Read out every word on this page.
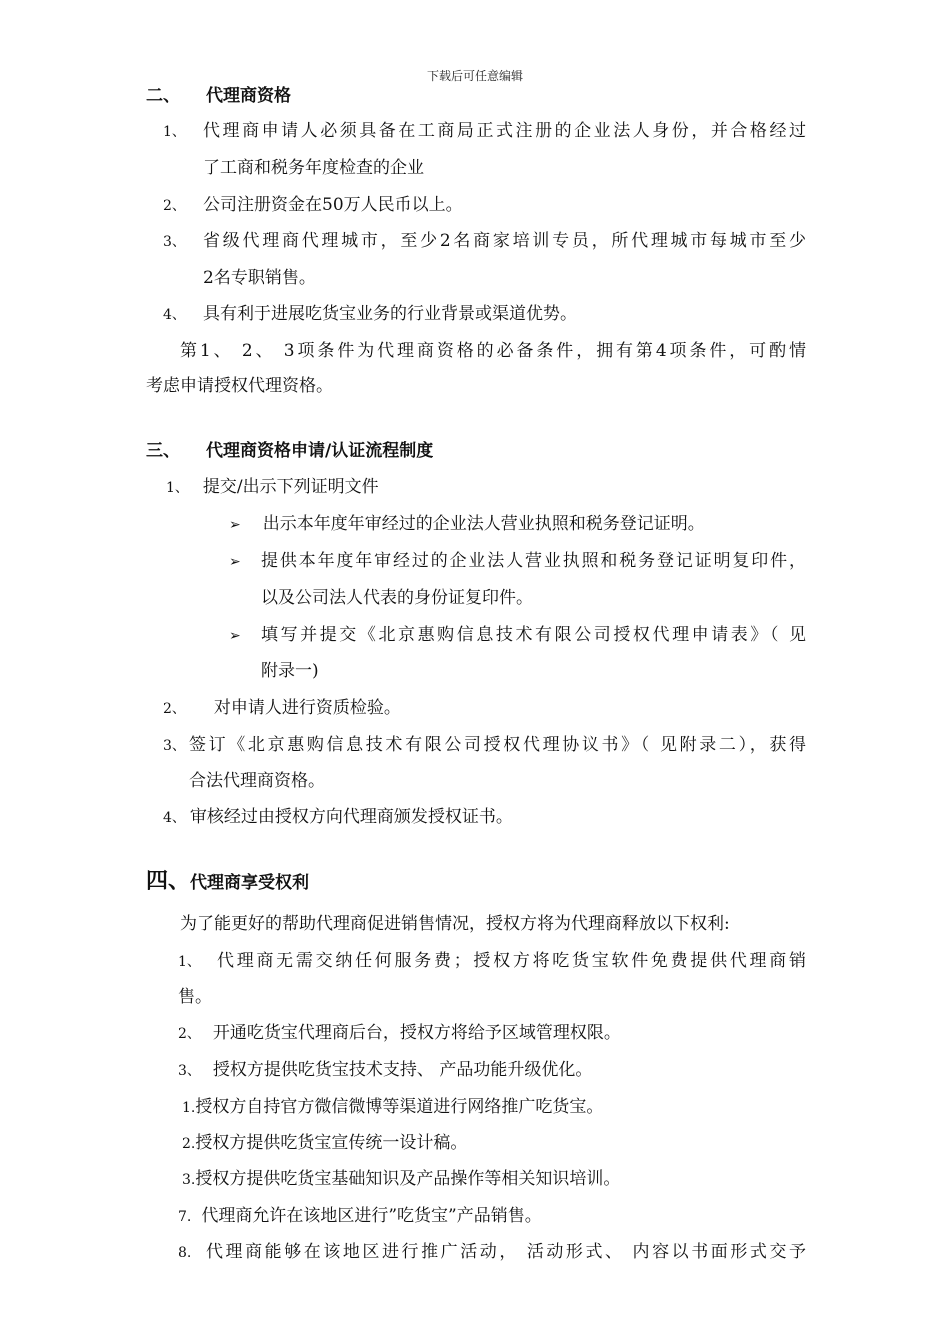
下载后可任意编辑
二、 代理商资格
1、 代理商申请人必须具备在工商局正式注册的企业法人身份，并合格经过
了工商和税务年度检查的企业
2、 公司注册资金在50万人民币以上。
3、 省级代理商代理城市，至少2名商家培训专员，所代理城市每城市至少
2名专职销售。
4、 具有利于进展吃货宝业务的行业背景或渠道优势。
第1、 2、 3项条件为代理商资格的必备条件，拥有第4项条件，可酌情
考虑申请授权代理资格。
三、 代理商资格申请/认证流程制度
1、 提交/出示下列证明文件
➢ 出示本年度年审经过的企业法人营业执照和税务登记证明。
➢	提供本年度年审经过的企业法人营业执照和税务登记证明复印件，
以及公司法人代表的身份证复印件。
➢	填写并提交《北京惠购信息技术有限公司授权代理申请表》（ 见
附录一)
2、 对申请人进行资质检验。
3、 签订《北京惠购信息技术有限公司授权代理协议书》（ 见附录二），获得
合法代理商资格。
4、 审核经过由授权方向代理商颁发授权证书。
四、代理商享受权利
为了能更好的帮助代理商促进销售情况，授权方将为代理商释放以下权利:
1、 代理商无需交纳任何服务费；授权方将吃货宝软件免费提供代理商销
售。
2、 开通吃货宝代理商后台，授权方将给予区域管理权限。
3、 授权方提供吃货宝技术支持、 产品功能升级优化。
1.授权方自持官方微信微博等渠道进行网络推广吃货宝。
2.授权方提供吃货宝宣传统一设计稿。
3.授权方提供吃货宝基础知识及产品操作等相关知识培训。
7. 代理商允许在该地区进行”吃货宝”产品销售。
8. 代理商能够在该地区进行推广活动， 活动形式、 内容以书面形式交予
